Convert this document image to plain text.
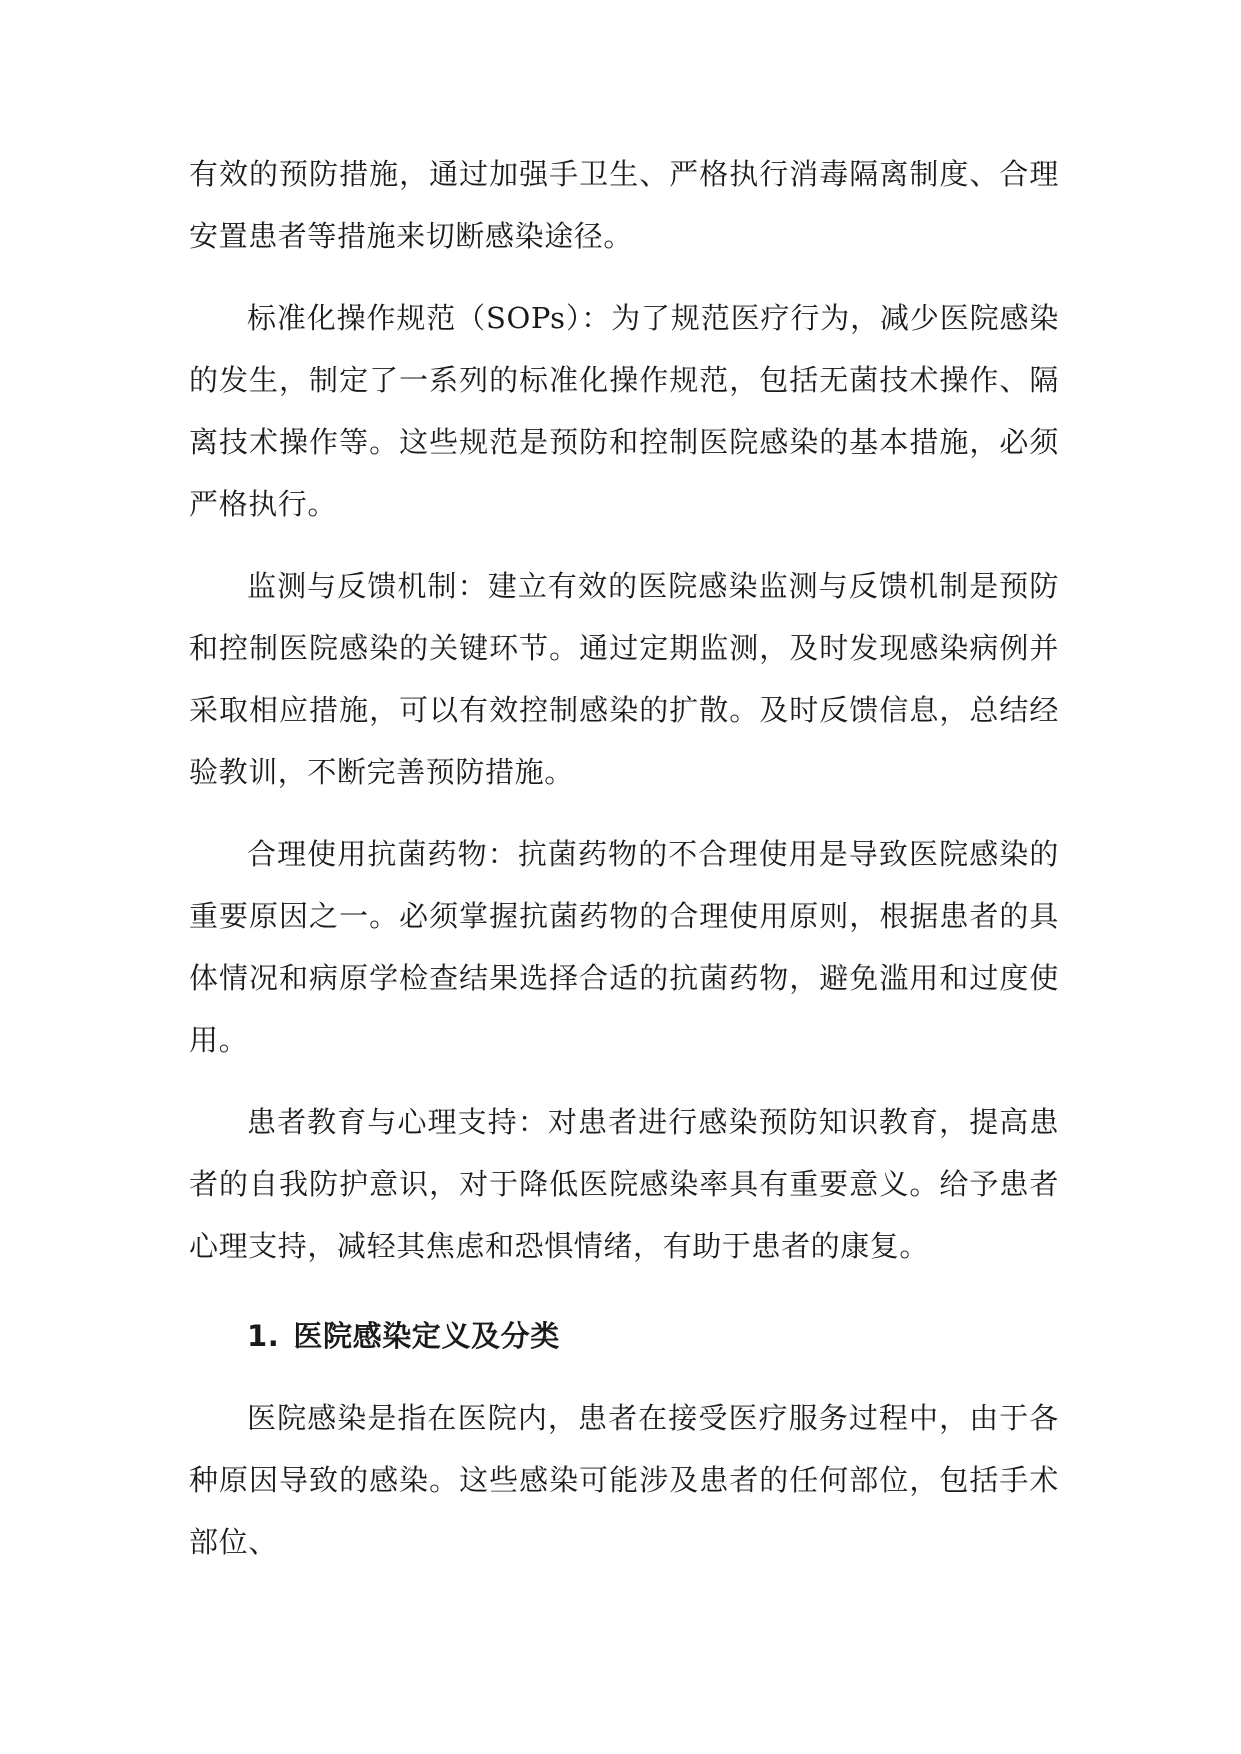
有效的预防措施，通过加强手卫生、严格执行消毒隔离制度、合理安置患者等措施来切断感染途径。

标准化操作规范（SOPs）：为了规范医疗行为，减少医院感染的发生，制定了一系列的标准化操作规范，包括无菌技术操作、隔离技术操作等。这些规范是预防和控制医院感染的基本措施，必须严格执行。

监测与反馈机制：建立有效的医院感染监测与反馈机制是预防和控制医院感染的关键环节。通过定期监测，及时发现感染病例并采取相应措施，可以有效控制感染的扩散。及时反馈信息，总结经验教训，不断完善预防措施。

合理使用抗菌药物：抗菌药物的不合理使用是导致医院感染的重要原因之一。必须掌握抗菌药物的合理使用原则，根据患者的具体情况和病原学检查结果选择合适的抗菌药物，避免滥用和过度使用。

患者教育与心理支持：对患者进行感染预防知识教育，提高患者的自我防护意识，对于降低医院感染率具有重要意义。给予患者心理支持，减轻其焦虑和恐惧情绪，有助于患者的康复。

1. 医院感染定义及分类

医院感染是指在医院内，患者在接受医疗服务过程中，由于各种原因导致的感染。这些感染可能涉及患者的任何部位，包括手术部位、
